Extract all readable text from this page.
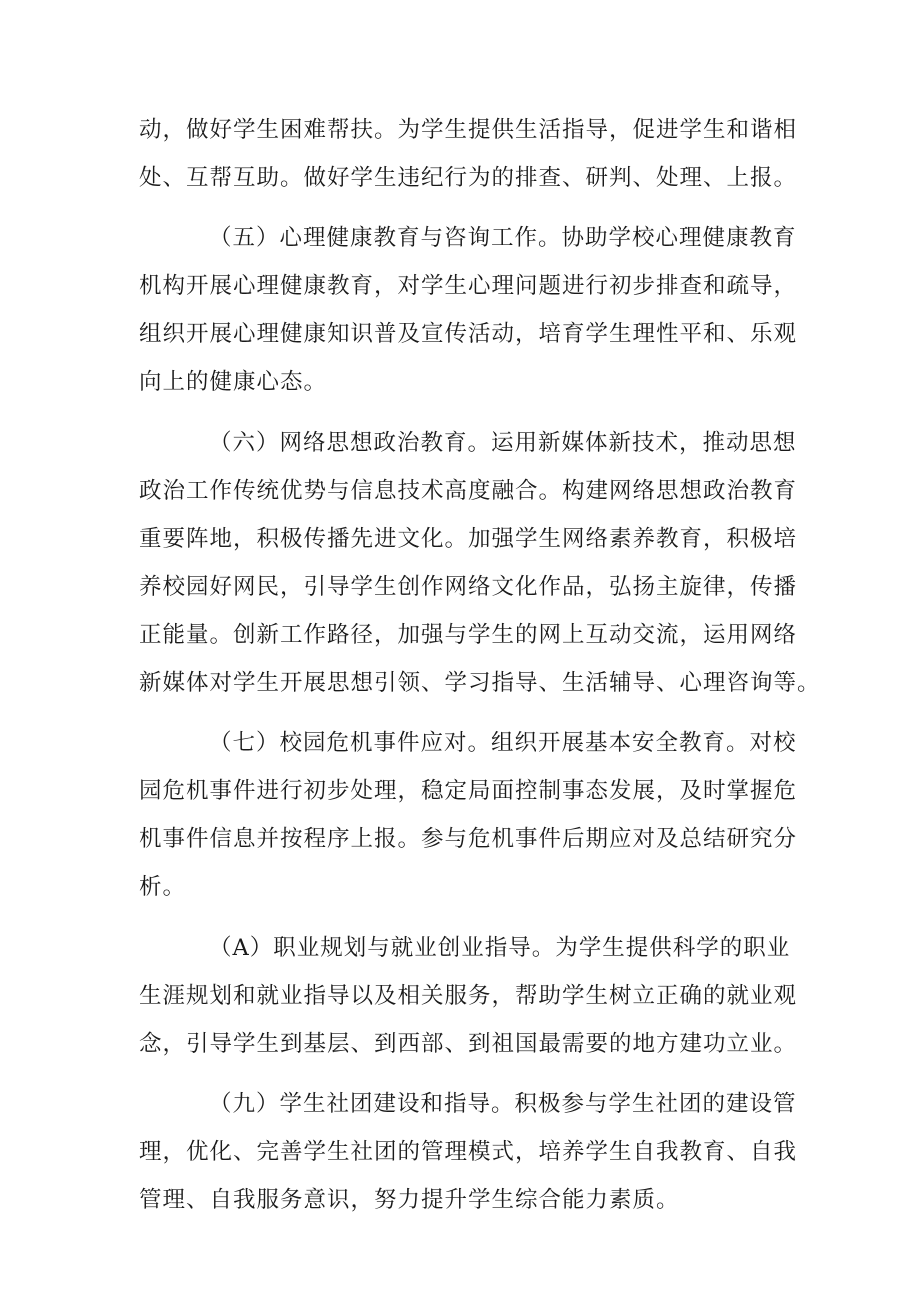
动，做好学生困难帮扶。为学生提供生活指导，促进学生和谐相
处、互帮互助。做好学生违纪行为的排查、研判、处理、上报。
（五）心理健康教育与咨询工作。协助学校心理健康教育
机构开展心理健康教育，对学生心理问题进行初步排查和疏导，
组织开展心理健康知识普及宣传活动，培育学生理性平和、乐观
向上的健康心态。
（六）网络思想政治教育。运用新媒体新技术，推动思想
政治工作传统优势与信息技术高度融合。构建网络思想政治教育
重要阵地，积极传播先进文化。加强学生网络素养教育，积极培
养校园好网民，引导学生创作网络文化作品，弘扬主旋律，传播
正能量。创新工作路径，加强与学生的网上互动交流，运用网络
新媒体对学生开展思想引领、学习指导、生活辅导、心理咨询等。
（七）校园危机事件应对。组织开展基本安全教育。对校
园危机事件进行初步处理，稳定局面控制事态发展，及时掌握危
机事件信息并按程序上报。参与危机事件后期应对及总结研究分
析。
（A）职业规划与就业创业指导。为学生提供科学的职业
生涯规划和就业指导以及相关服务，帮助学生树立正确的就业观
念，引导学生到基层、到西部、到祖国最需要的地方建功立业。
（九）学生社团建设和指导。积极参与学生社团的建设管
理，优化、完善学生社团的管理模式，培养学生自我教育、自我
管理、自我服务意识，努力提升学生综合能力素质。
